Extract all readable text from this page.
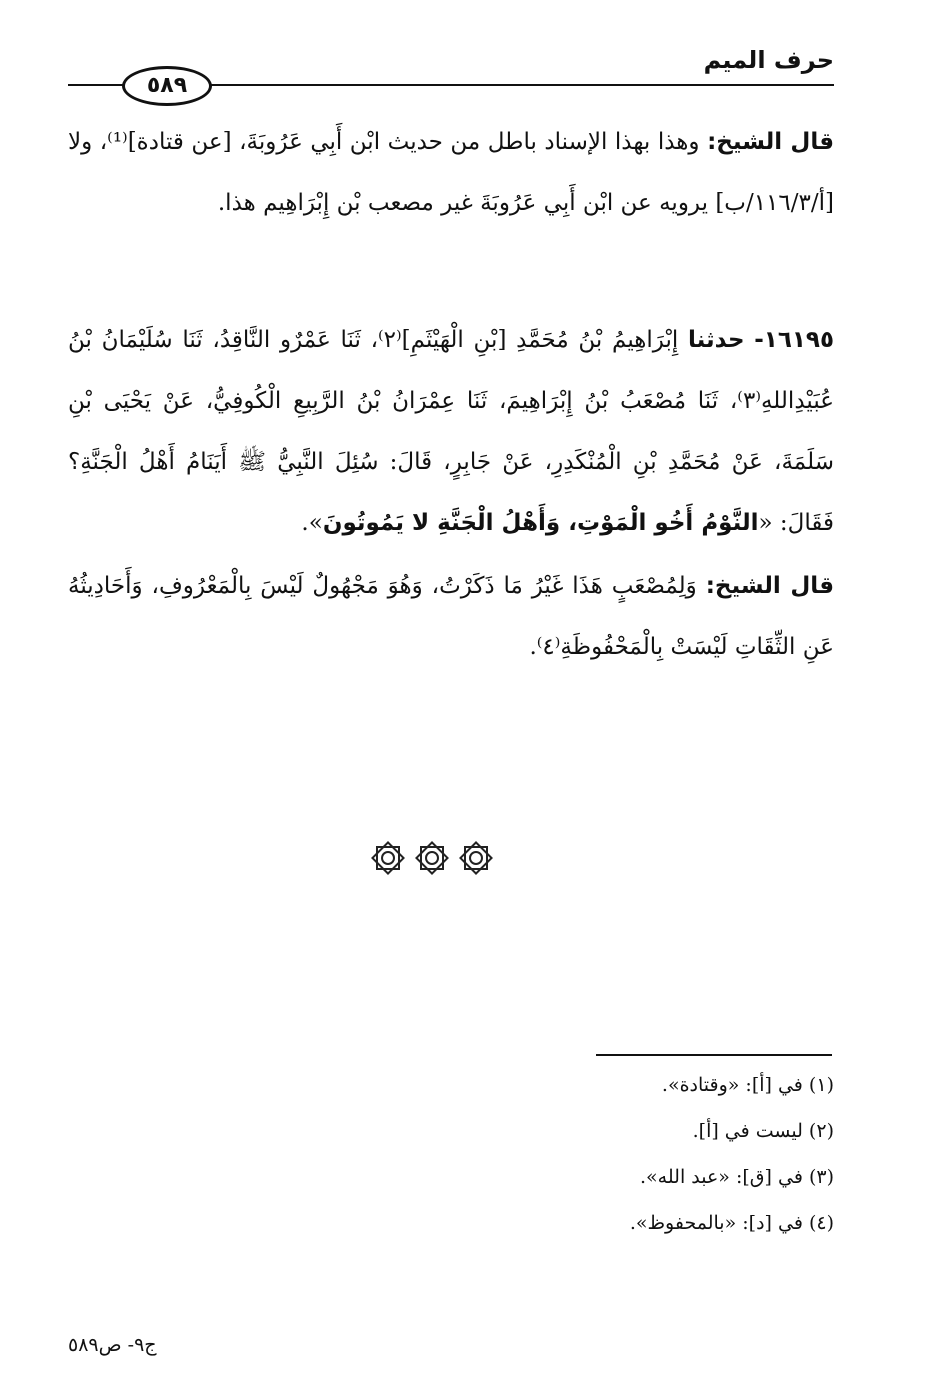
حرف الميم
٥٨٩

قال الشيخ: وهذا بهذا الإسناد باطل من حديث ابْن أَبِي عَرُوبَةَ، [عن قتادة]⁽¹⁾، ولا [أ/١١٦/٣/ب] يرويه عن ابْن أَبِي عَرُوبَةَ غير مصعب بْن إِبْرَاهِيم هذا.

١٦١٩٥- حدثنا إِبْرَاهِيمُ بْنُ مُحَمَّدِ [بْنِ الْهَيْثَمِ]⁽٢⁾، ثَنَا عَمْرٌو النَّاقِدُ، ثَنَا سُلَيْمَانُ بْنُ عُبَيْدِاللهِ⁽٣⁾، ثَنَا مُصْعَبُ بْنُ إِبْرَاهِيمَ، ثَنَا عِمْرَانُ بْنُ الرَّبِيعِ الْكُوفِيُّ، عَنْ يَحْيَى بْنِ سَلَمَةَ، عَنْ مُحَمَّدِ بْنِ الْمُنْكَدِرِ، عَنْ جَابِرٍ، قَالَ: سُئِلَ النَّبِيُّ ﷺ أَيَنَامُ أَهْلُ الْجَنَّةِ؟ فَقَالَ: «النَّوْمُ أَخُو الْمَوْتِ، وَأَهْلُ الْجَنَّةِ لا يَمُوتُونَ».

قال الشيخ: وَلِمُصْعَبٍ هَذَا غَيْرُ مَا ذَكَرْتُ، وَهُوَ مَجْهُولٌ لَيْسَ بِالْمَعْرُوفِ، وَأَحَادِيثُهُ عَنِ الثِّقَاتِ لَيْسَتْ بِالْمَحْفُوظَةِ⁽٤⁾.

(١) في [أ]: «وقتادة».
(٢) ليست في [أ].
(٣) في [ق]: «عبد الله».
(٤) في [د]: «بالمحفوظ».
ج٩- ص٥٨٩
